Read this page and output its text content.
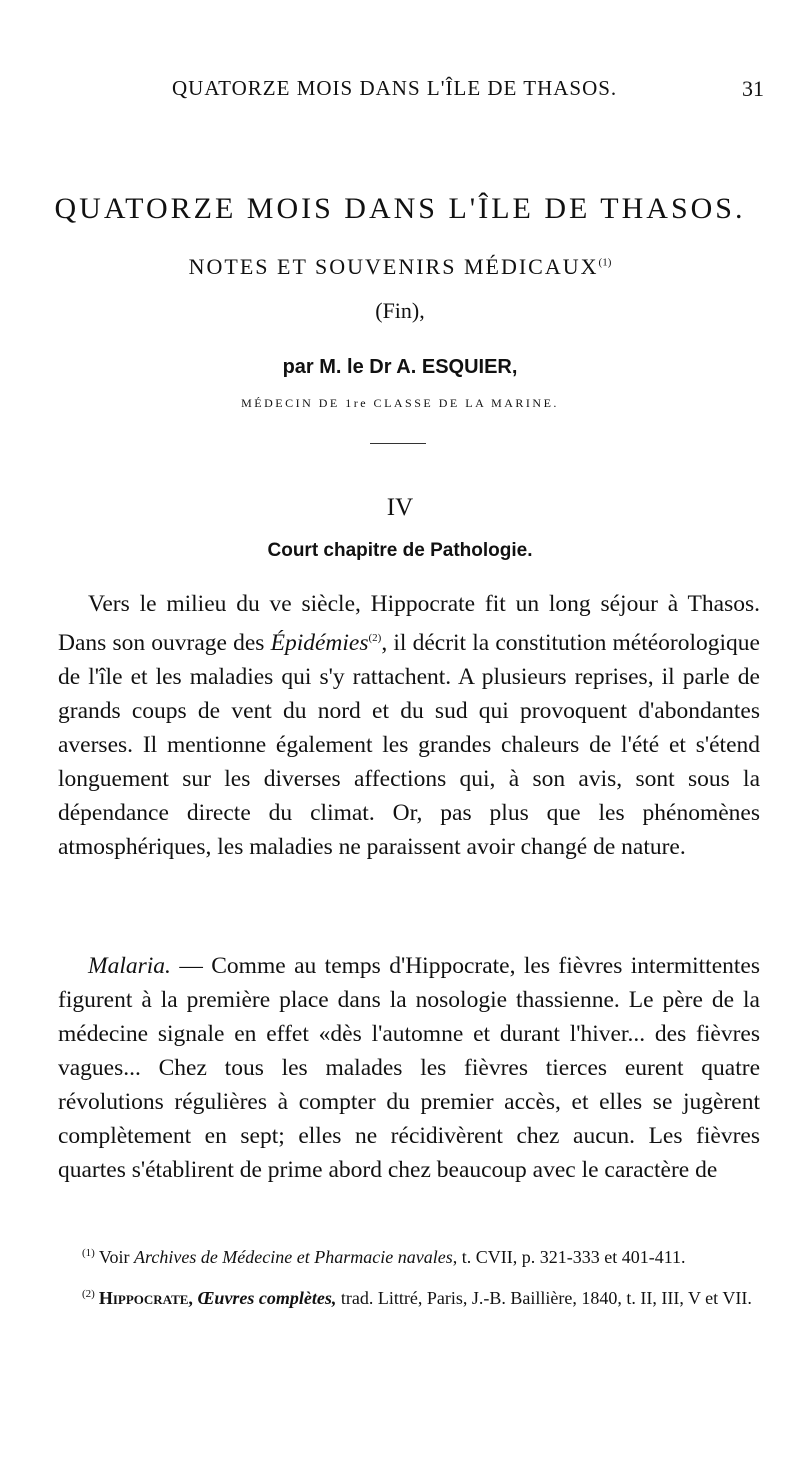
QUATORZE MOIS DANS L'ÎLE DE THASOS.	31
QUATORZE MOIS DANS L'ÎLE DE THASOS.
NOTES ET SOUVENIRS MÉDICAUX$^{(1)}$
(Fin),
par M. le Dr A. ESQUIER,
MÉDECIN DE 1re CLASSE DE LA MARINE.
IV
Court chapitre de Pathologie.

Vers le milieu du ve siècle, Hippocrate fit un long séjour à Thasos. Dans son ouvrage des Épidémies$^{(2)}$, il décrit la constitution météorologique de l'île et les maladies qui s'y rattachent. A plusieurs reprises, il parle de grands coups de vent du nord et du sud qui provoquent d'abondantes averses. Il mentionne également les grandes chaleurs de l'été et s'étend longuement sur les diverses affections qui, à son avis, sont sous la dépendance directe du climat. Or, pas plus que les phénomènes atmosphériques, les maladies ne paraissent avoir changé de nature.

Malaria. — Comme au temps d'Hippocrate, les fièvres intermittentes figurent à la première place dans la nosologie thassienne. Le père de la médecine signale en effet «dès l'automne et durant l'hiver... des fièvres vagues... Chez tous les malades les fièvres tierces eurent quatre révolutions régulières à compter du premier accès, et elles se jugèrent complètement en sept; elles ne récidivèrent chez aucun. Les fièvres quartes s'établirent de prime abord chez beaucoup avec le caractère de

$^{(1)}$ Voir Archives de Médecine et Pharmacie navales, t. CVII, p. 321-333 et 401-411.

$^{(2)}$ Hippocrate, Œuvres complètes, trad. Littré, Paris, J.-B. Baillière, 1840, t. II, III, V et VII.
